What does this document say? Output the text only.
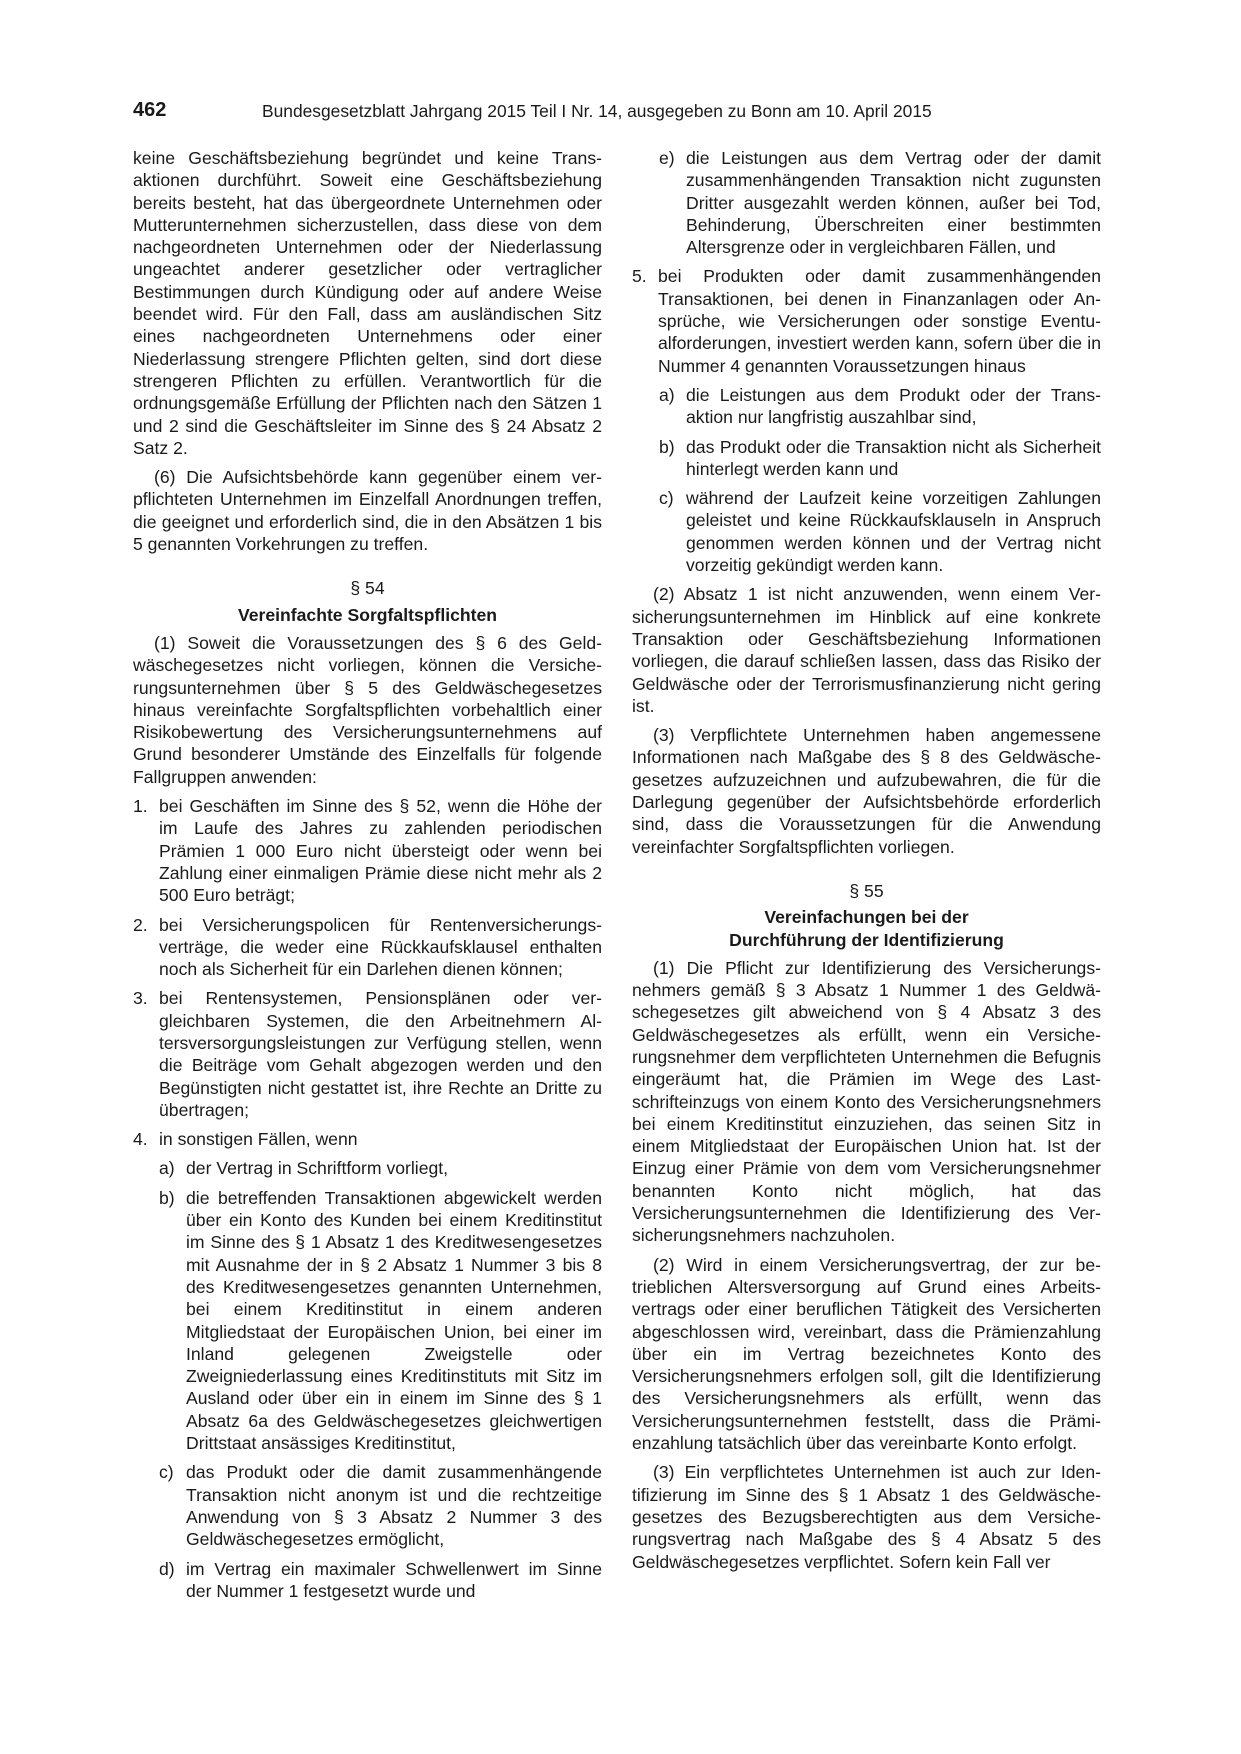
462	Bundesgesetzblatt Jahrgang 2015 Teil I Nr. 14, ausgegeben zu Bonn am 10. April 2015

keine Geschäftsbeziehung begründet und keine Transaktionen durchführt. Soweit eine Geschäftsbeziehung bereits besteht, hat das übergeordnete Unternehmen oder Mutterunternehmen sicherzustellen, dass diese von dem nachgeordneten Unternehmen oder der Niederlassung ungeachtet anderer gesetzlicher oder vertraglicher Bestimmungen durch Kündigung oder auf andere Weise beendet wird. Für den Fall, dass am ausländischen Sitz eines nachgeordneten Unternehmens oder einer Niederlassung strengere Pflichten gelten, sind dort diese strengeren Pflichten zu erfüllen. Verantwortlich für die ordnungsgemäße Erfüllung der Pflichten nach den Sätzen 1 und 2 sind die Geschäftsleiter im Sinne des § 24 Absatz 2 Satz 2.

(6) Die Aufsichtsbehörde kann gegenüber einem verpflichteten Unternehmen im Einzelfall Anordnungen treffen, die geeignet und erforderlich sind, die in den Absätzen 1 bis 5 genannten Vorkehrungen zu treffen.

§ 54
Vereinfachte Sorgfaltspflichten

(1) Soweit die Voraussetzungen des § 6 des Geldwäschegesetzes nicht vorliegen, können die Versicherungsunternehmen über § 5 des Geldwäschegesetzes hinaus vereinfachte Sorgfaltspflichten vorbehaltlich einer Risikobewertung des Versicherungsunternehmens auf Grund besonderer Umstände des Einzelfalls für folgende Fallgruppen anwenden:

1. bei Geschäften im Sinne des § 52, wenn die Höhe der im Laufe des Jahres zu zahlenden periodischen Prämien 1 000 Euro nicht übersteigt oder wenn bei Zahlung einer einmaligen Prämie diese nicht mehr als 2 500 Euro beträgt;
2. bei Versicherungspolicen für Rentenversicherungsverträge, die weder eine Rückkaufsklausel enthalten noch als Sicherheit für ein Darlehen dienen können;
3. bei Rentensystemen, Pensionsplänen oder vergleichbaren Systemen, die den Arbeitnehmern Altersversorgungsleistungen zur Verfügung stellen, wenn die Beiträge vom Gehalt abgezogen werden und den Begünstigten nicht gestattet ist, ihre Rechte an Dritte zu übertragen;
4. in sonstigen Fällen, wenn
a) der Vertrag in Schriftform vorliegt,
b) die betreffenden Transaktionen abgewickelt werden über ein Konto des Kunden bei einem Kreditinstitut im Sinne des § 1 Absatz 1 des Kreditwesengesetzes mit Ausnahme der in § 2 Absatz 1 Nummer 3 bis 8 des Kreditwesengesetzes genannten Unternehmen, bei einem Kreditinstitut in einem anderen Mitgliedstaat der Europäischen Union, bei einer im Inland gelegenen Zweigstelle oder Zweigniederlassung eines Kreditinstituts mit Sitz im Ausland oder über ein in einem im Sinne des § 1 Absatz 6a des Geldwäschegesetzes gleichwertigen Drittstaat ansässiges Kreditinstitut,
c) das Produkt oder die damit zusammenhängende Transaktion nicht anonym ist und die rechtzeitige Anwendung von § 3 Absatz 2 Nummer 3 des Geldwäschegesetzes ermöglicht,
d) im Vertrag ein maximaler Schwellenwert im Sinne der Nummer 1 festgesetzt wurde und
e) die Leistungen aus dem Vertrag oder der damit zusammenhängenden Transaktion nicht zugunsten Dritter ausgezahlt werden können, außer bei Tod, Behinderung, Überschreiten einer bestimmten Altersgrenze oder in vergleichbaren Fällen, und
5. bei Produkten oder damit zusammenhängenden Transaktionen, bei denen in Finanzanlagen oder Ansprüche, wie Versicherungen oder sonstige Eventualforderungen, investiert werden kann, sofern über die in Nummer 4 genannten Voraussetzungen hinaus
a) die Leistungen aus dem Produkt oder der Transaktion nur langfristig auszahlbar sind,
b) das Produkt oder die Transaktion nicht als Sicherheit hinterlegt werden kann und
c) während der Laufzeit keine vorzeitigen Zahlungen geleistet und keine Rückkaufsklauseln in Anspruch genommen werden können und der Vertrag nicht vorzeitig gekündigt werden kann.

(2) Absatz 1 ist nicht anzuwenden, wenn einem Versicherungsunternehmen im Hinblick auf eine konkrete Transaktion oder Geschäftsbeziehung Informationen vorliegen, die darauf schließen lassen, dass das Risiko der Geldwäsche oder der Terrorismusfinanzierung nicht gering ist.

(3) Verpflichtete Unternehmen haben angemessene Informationen nach Maßgabe des § 8 des Geldwäschegesetzes aufzuzeichnen und aufzubewahren, die für die Darlegung gegenüber der Aufsichtsbehörde erforderlich sind, dass die Voraussetzungen für die Anwendung vereinfachter Sorgfaltspflichten vorliegen.

§ 55
Vereinfachungen bei der
Durchführung der Identifizierung

(1) Die Pflicht zur Identifizierung des Versicherungsnehmers gemäß § 3 Absatz 1 Nummer 1 des Geldwäschegesetzes gilt abweichend von § 4 Absatz 3 des Geldwäschegesetzes als erfüllt, wenn ein Versicherungsnehmer dem verpflichteten Unternehmen die Befugnis eingeräumt hat, die Prämien im Wege des Lastschrifteinzugs von einem Konto des Versicherungsnehmers bei einem Kreditinstitut einzuziehen, das seinen Sitz in einem Mitgliedstaat der Europäischen Union hat. Ist der Einzug einer Prämie von dem vom Versicherungsnehmer benannten Konto nicht möglich, hat das Versicherungsunternehmen die Identifizierung des Versicherungsnehmers nachzuholen.

(2) Wird in einem Versicherungsvertrag, der zur betrieblichen Altersversorgung auf Grund eines Arbeitsvertrags oder einer beruflichen Tätigkeit des Versicherten abgeschlossen wird, vereinbart, dass die Prämienzahlung über ein im Vertrag bezeichnetes Konto des Versicherungsnehmers erfolgen soll, gilt die Identifizierung des Versicherungsnehmers als erfüllt, wenn das Versicherungsunternehmen feststellt, dass die Prämienzahlung tatsächlich über das vereinbarte Konto erfolgt.

(3) Ein verpflichtetes Unternehmen ist auch zur Identifizierung im Sinne des § 1 Absatz 1 des Geldwäschegesetzes des Bezugsberechtigten aus dem Versicherungsvertrag nach Maßgabe des § 4 Absatz 5 des Geldwäschegesetzes verpflichtet. Sofern kein Fall ver
